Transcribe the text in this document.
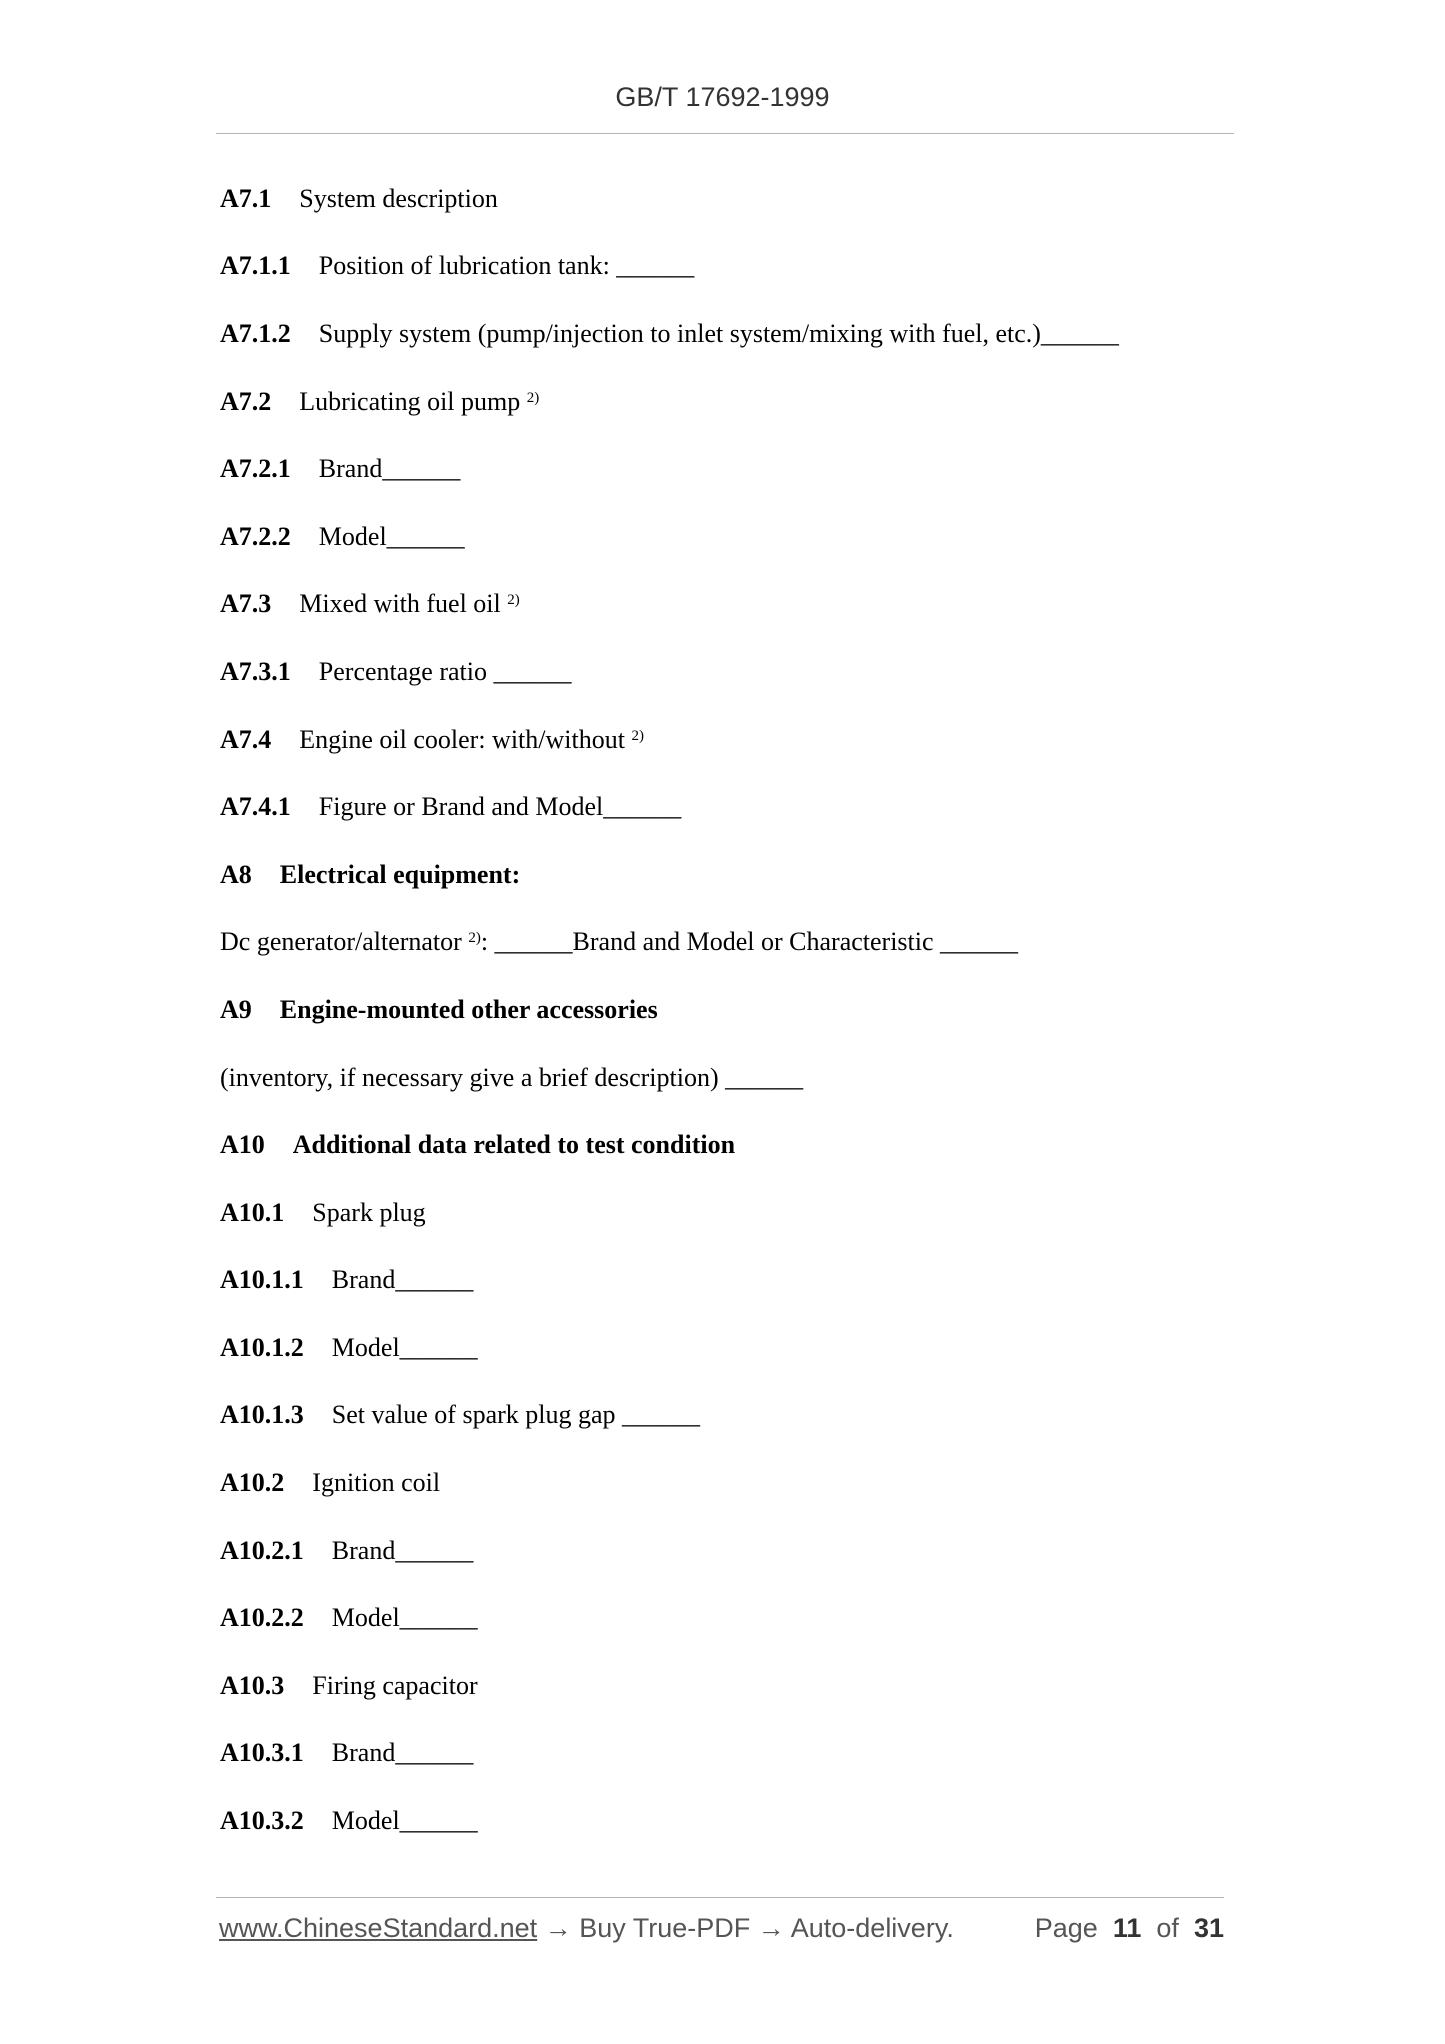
GB/T 17692-1999
A7.1 System description
A7.1.1 Position of lubrication tank: ______
A7.1.2 Supply system (pump/injection to inlet system/mixing with fuel, etc.)______
A7.2 Lubricating oil pump
$^{2)}$
A7.2.1 Brand______
A7.2.2 Model______
A7.3 Mixed with fuel oil
$^{2)}$
A7.3.1 Percentage ratio ______
A7.4 Engine oil cooler: with/without
$^{2)}$
A7.4.1 Figure or Brand and Model______
A8 Electrical equipment:
Dc generator/alternator
$^{2)}$ : ______Brand and Model or Characteristic ______
A9 Engine-mounted other accessories
(inventory, if necessary give a brief description) ______
A10 Additional data related to test condition
A10.1 Spark plug
A10.1.1 Brand______
A10.1.2 Model______
A10.1.3 Set value of spark plug gap ______
A10.2 Ignition coil
A10.2.1 Brand______
A10.2.2 Model______
A10.3 Firing capacitor
A10.3.1 Brand______
A10.3.2 Model______
www.ChineseStandard.net → Buy True-PDF → Auto-delivery.	Page 11 of 31
